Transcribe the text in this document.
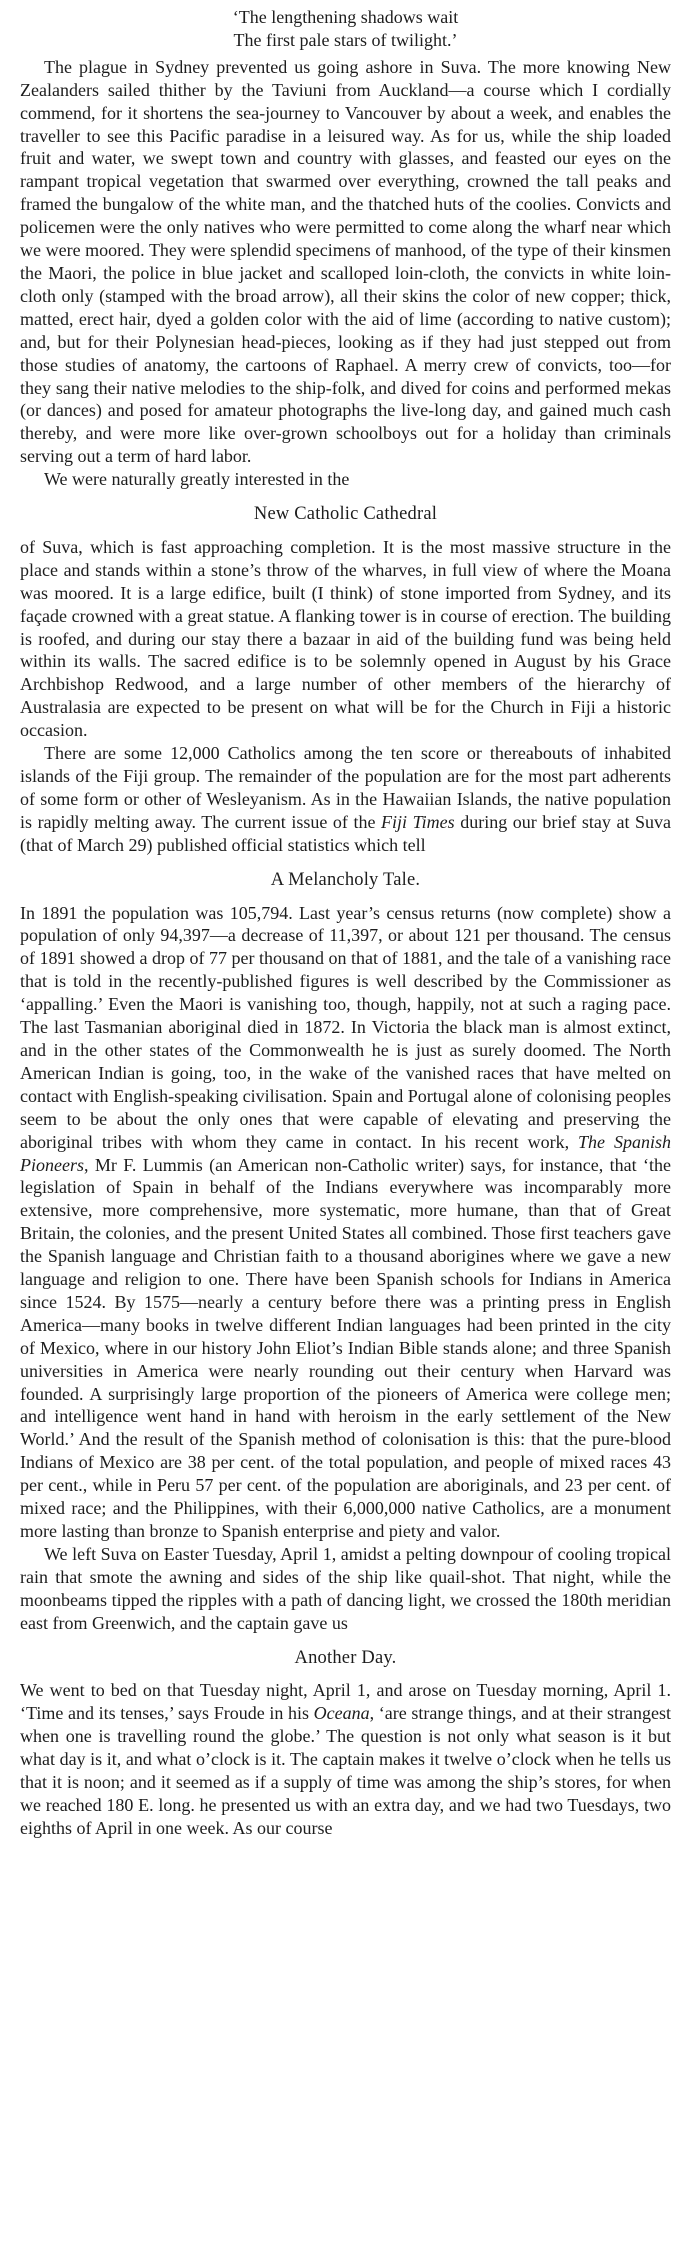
‘The lengthening shadows wait
The first pale stars of twilight.’

The plague in Sydney prevented us going ashore in Suva. The more knowing New Zealanders sailed thither by the Taviuni from Auckland—a course which I cordially commend, for it shortens the sea-journey to Vancouver by about a week, and enables the traveller to see this Pacific paradise in a leisured way. As for us, while the ship loaded fruit and water, we swept town and country with glasses, and feasted our eyes on the rampant tropical vegetation that swarmed over everything, crowned the tall peaks and framed the bungalow of the white man, and the thatched huts of the coolies. Convicts and policemen were the only natives who were permitted to come along the wharf near which we were moored. They were splendid specimens of manhood, of the type of their kinsmen the Maori, the police in blue jacket and scalloped loin-cloth, the convicts in white loin-cloth only (stamped with the broad arrow), all their skins the color of new copper; thick, matted, erect hair, dyed a golden color with the aid of lime (according to native custom); and, but for their Polynesian head-pieces, looking as if they had just stepped out from those studies of anatomy, the cartoons of Raphael. A merry crew of convicts, too—for they sang their native melodies to the ship-folk, and dived for coins and performed mekas (or dances) and posed for amateur photographs the live-long day, and gained much cash thereby, and were more like over-grown schoolboys out for a holiday than criminals serving out a term of hard labor.

We were naturally greatly interested in the

New Catholic Cathedral

of Suva, which is fast approaching completion. It is the most massive structure in the place and stands within a stone’s throw of the wharves, in full view of where the Moana was moored. It is a large edifice, built (I think) of stone imported from Sydney, and its façade crowned with a great statue. A flanking tower is in course of erection. The building is roofed, and during our stay there a bazaar in aid of the building fund was being held within its walls. The sacred edifice is to be solemnly opened in August by his Grace Archbishop Redwood, and a large number of other members of the hierarchy of Australasia are expected to be present on what will be for the Church in Fiji a historic occasion.

There are some 12,000 Catholics among the ten score or thereabouts of inhabited islands of the Fiji group. The remainder of the population are for the most part adherents of some form or other of Wesleyanism. As in the Hawaiian Islands, the native population is rapidly melting away. The current issue of the Fiji Times during our brief stay at Suva (that of March 29) published official statistics which tell

A Melancholy Tale.

In 1891 the population was 105,794. Last year’s census returns (now complete) show a population of only 94,397—a decrease of 11,397, or about 121 per thousand. The census of 1891 showed a drop of 77 per thousand on that of 1881, and the tale of a vanishing race that is told in the recently-published figures is well described by the Commissioner as ‘appalling.’ Even the Maori is vanishing too, though, happily, not at such a raging pace. The last Tasmanian aboriginal died in 1872. In Victoria the black man is almost extinct, and in the other states of the Commonwealth he is just as surely doomed. The North American Indian is going, too, in the wake of the vanished races that have melted on contact with English-speaking civilisation. Spain and Portugal alone of colonising peoples seem to be about the only ones that were capable of elevating and preserving the aboriginal tribes with whom they came in contact. In his recent work, The Spanish Pioneers, Mr F. Lummis (an American non-Catholic writer) says, for instance, that ‘the legislation of Spain in behalf of the Indians everywhere was incomparably more extensive, more comprehensive, more systematic, more humane, than that of Great Britain, the colonies, and the present United States all combined. Those first teachers gave the Spanish language and Christian faith to a thousand aborigines where we gave a new language and religion to one. There have been Spanish schools for Indians in America since 1524. By 1575—nearly a century before there was a printing press in English America—many books in twelve different Indian languages had been printed in the city of Mexico, where in our history John Eliot’s Indian Bible stands alone; and three Spanish universities in America were nearly rounding out their century when Harvard was founded. A surprisingly large proportion of the pioneers of America were college men; and intelligence went hand in hand with heroism in the early settlement of the New World.’ And the result of the Spanish method of colonisation is this: that the pure-blood Indians of Mexico are 38 per cent. of the total population, and people of mixed races 43 per cent., while in Peru 57 per cent. of the population are aboriginals, and 23 per cent. of mixed race; and the Philippines, with their 6,000,000 native Catholics, are a monument more lasting than bronze to Spanish enterprise and piety and valor.

We left Suva on Easter Tuesday, April 1, amidst a pelting downpour of cooling tropical rain that smote the awning and sides of the ship like quail-shot. That night, while the moonbeams tipped the ripples with a path of dancing light, we crossed the 180th meridian east from Greenwich, and the captain gave us

Another Day.

We went to bed on that Tuesday night, April 1, and arose on Tuesday morning, April 1. ‘Time and its tenses,’ says Froude in his Oceana, ‘are strange things, and at their strangest when one is travelling round the globe.’ The question is not only what season is it but what day is it, and what o’clock is it. The captain makes it twelve o’clock when he tells us that it is noon; and it seemed as if a supply of time was among the ship’s stores, for when we reached 180 E. long. he presented us with an extra day, and we had two Tuesdays, two eighths of April in one week. As our course
